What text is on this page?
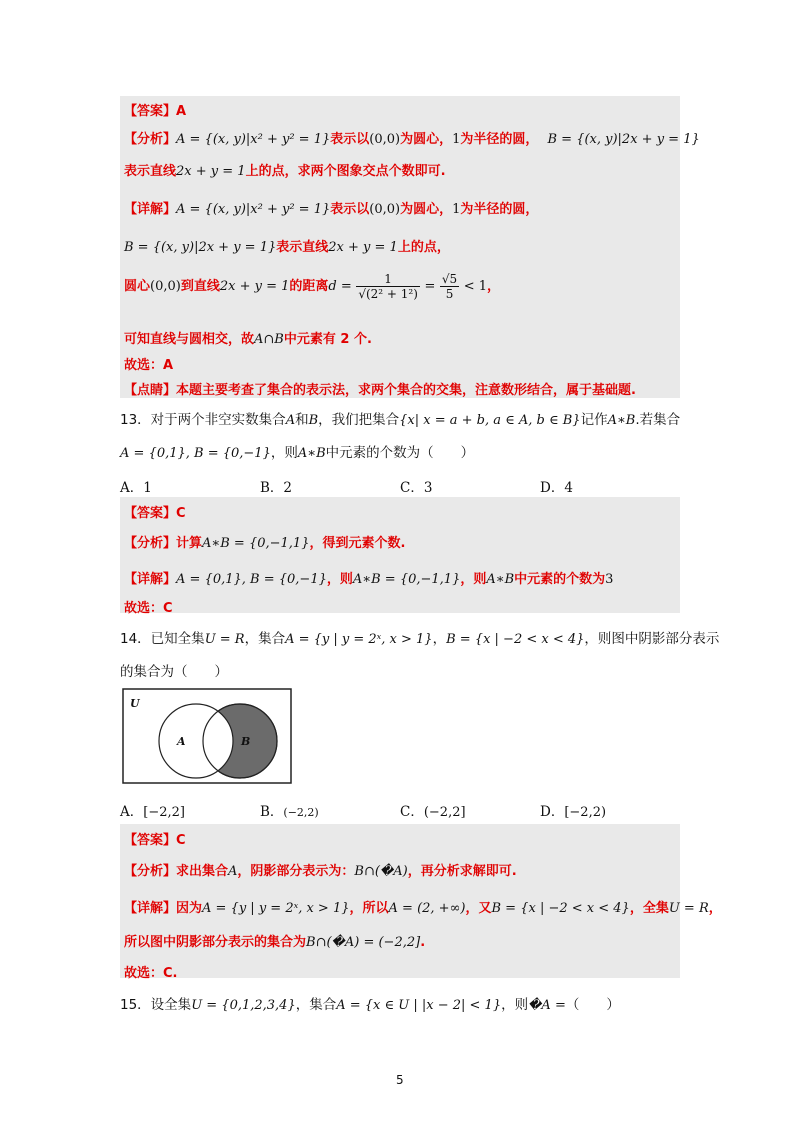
【答案】A
【分析】A = {(x, y)|x² + y² = 1}表示以(0,0)为圆心，1为半径的圆， B = {(x, y)|2x + y = 1}
表示直线2x + y = 1上的点，求两个图象交点个数即可.
【详解】A = {(x, y)|x² + y² = 1}表示以(0,0)为圆心，1为半径的圆，
B = {(x, y)|2x + y = 1}表示直线2x + y = 1上的点，
圆心(0,0)到直线2x + y = 1的距离$d = \frac{1}{\text{√(2² + 1²)}} = \frac{√5}{5} < 1$，
可知直线与圆相交，故A∩B中元素有 2 个.
故选：A
【点睛】本题主要考查了集合的表示法，求两个集合的交集，注意数形结合，属于基础题.
13．对于两个非空实数集合A和B，我们把集合{x| x = a + b, a ∈ A, b ∈ B}记作A∗B.若集合
A = {0,1}, B = {0,−1}，则A∗B中元素的个数为（　　）
A．1	B．2	C．3	D．4
【答案】C
【分析】计算A∗B = {0,−1,1}，得到元素个数.
【详解】A = {0,1}, B = {0,−1}，则A∗B = {0,−1,1}，则A∗B中元素的个数为3
故选：C
14．已知全集U = R，集合A = {y | y = 2ˣ, x > 1}，B = {x | −2 < x < 4}，则图中阴影部分表示
的集合为（　　）
U
A	B
A．[−2,2]	B．(−2,2)	C．(−2,2]	D．[−2,2)
【答案】C
【分析】求出集合A，阴影部分表示为：B∩(�A)，再分析求解即可.
【详解】因为A = {y | y = 2ˣ, x > 1}，所以A = (2, +∞)，又B = {x | −2 < x < 4}，全集U = R，
所以图中阴影部分表示的集合为B∩(�A) = (−2,2].
故选：C.
15．设全集U = {0,1,2,3,4}，集合A = {x ∈ U | |x − 2| < 1}，则�A =（　　）
5
